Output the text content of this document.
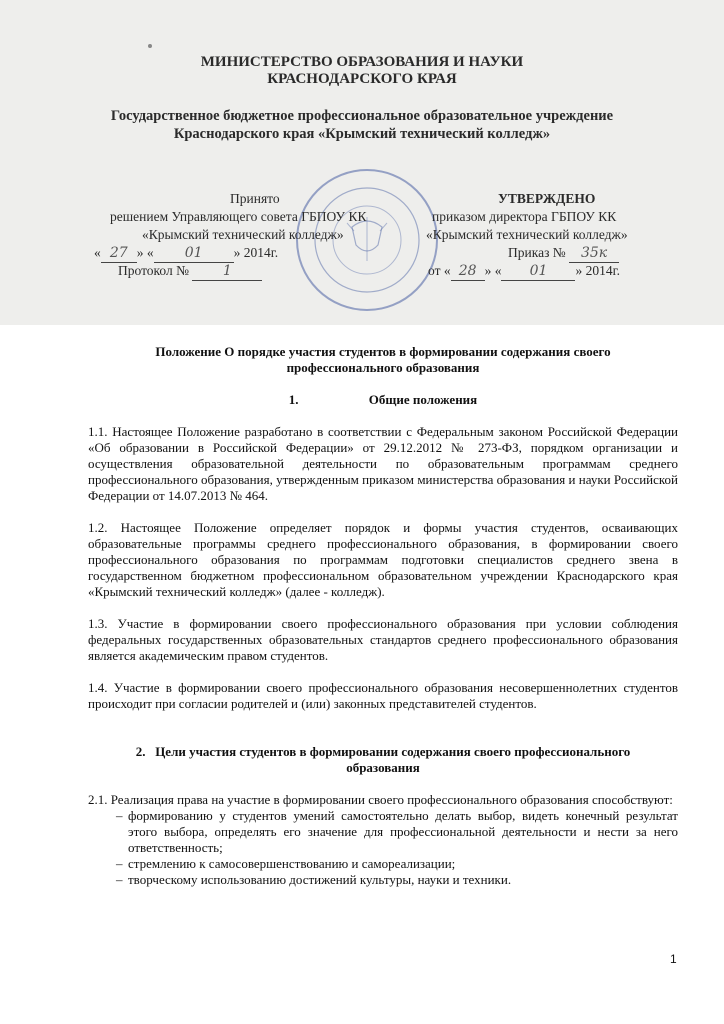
МИНИСТЕРСТВО ОБРАЗОВАНИЯ И НАУКИ
КРАСНОДАРСКОГО КРАЯ
Государственное бюджетное профессиональное образовательное учреждение
Краснодарского края «Крымский технический колледж»
Принято
решением Управляющего совета ГБПОУ КК
«Крымский технический колледж»
« 27 » « 01 » 2014г.
Протокол № 1
УТВЕРЖДЕНО
приказом директора ГБПОУ КК
«Крымский технический колледж»
Приказ № 35к
от « 28 » « 01 » 2014г.
Положение О порядке участия студентов в формировании содержания своего
профессионального образования
1.	Общие положения

1.1. Настоящее Положение разработано в соответствии с Федеральным законом Российской Федерации «Об образовании в Российской Федерации» от 29.12.2012 № 273-ФЗ, порядком организации и осуществления образовательной деятельности по образовательным программам среднего профессионального образования, утвержденным приказом министерства образования и науки Российской Федерации от 14.07.2013 № 464.

1.2. Настоящее Положение определяет порядок и формы участия студентов, осваивающих образовательные программы среднего профессионального образования, в формировании своего профессионального образования по программам подготовки специалистов среднего звена в государственном бюджетном профессиональном образовательном учреждении Краснодарского края «Крымский технический колледж» (далее - колледж).

1.3. Участие в формировании своего профессионального образования при условии соблюдения федеральных государственных образовательных стандартов среднего профессионального образования является академическим правом студентов.

1.4. Участие в формировании своего профессионального образования несовершеннолетних студентов происходит при согласии родителей и (или) законных представителей студентов.

2. Цели участия студентов в формировании содержания своего профессионального
образования

2.1. Реализация права на участие в формировании своего профессионального образования способствуют:

– формированию у студентов умений самостоятельно делать выбор, видеть конечный результат этого выбора, определять его значение для профессиональной деятельности и нести за него ответственность;
– стремлению к самосовершенствованию и самореализации;
– творческому использованию достижений культуры, науки и техники.
1
